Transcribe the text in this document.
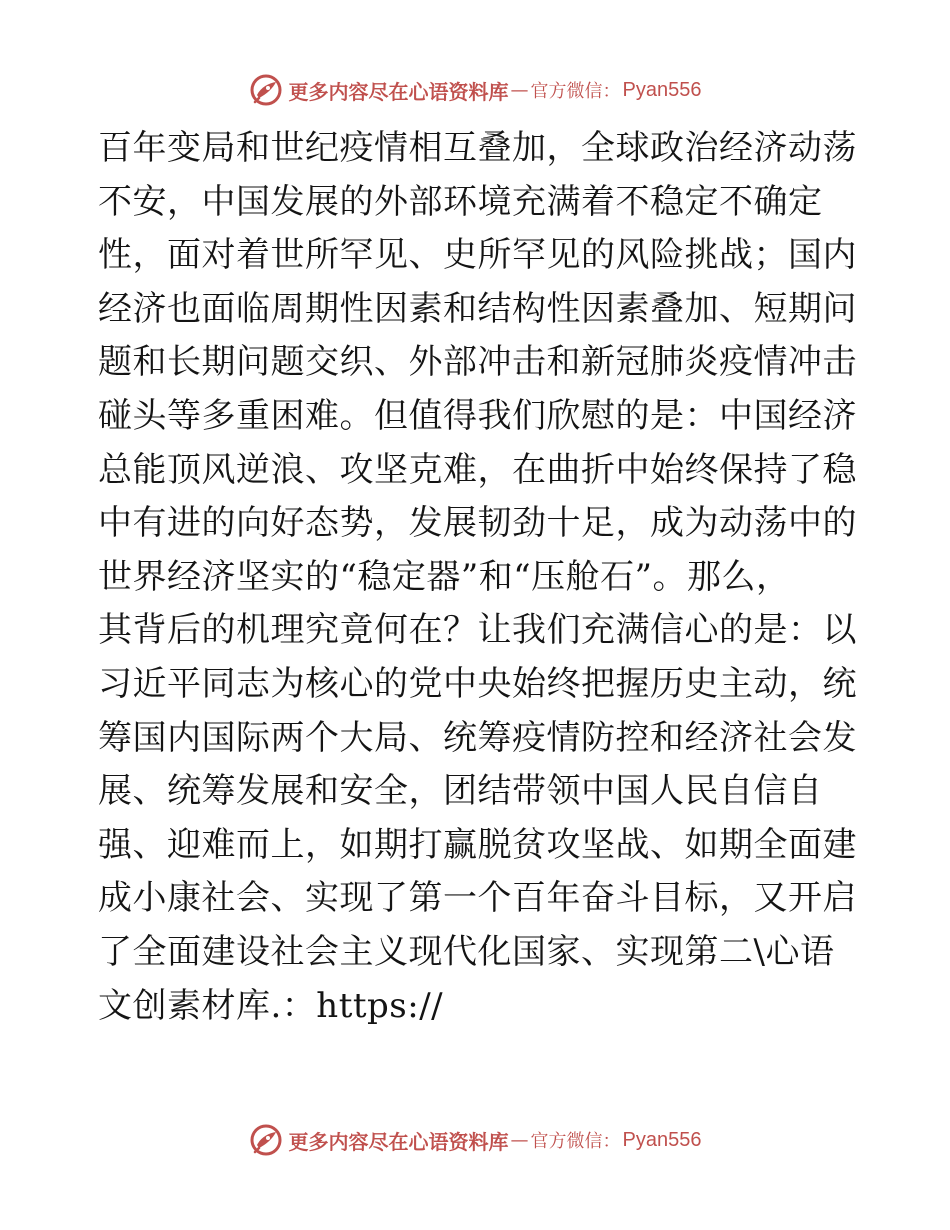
更多内容尽在心语资料库 — 官方微信： Pyan556
百年变局和世纪疫情相互叠加，全球政治经济动荡
不安，中国发展的外部环境充满着不稳定不确定
性，面对着世所罕见、史所罕见的风险挑战；国内
经济也面临周期性因素和结构性因素叠加、短期问
题和长期问题交织、外部冲击和新冠肺炎疫情冲击
碰头等多重困难。但值得我们欣慰的是：中国经济
总能顶风逆浪、攻坚克难，在曲折中始终保持了稳
中有进的向好态势，发展韧劲十足，成为动荡中的
世界经济坚实的“稳定器”和“压舱石”。那么，
其背后的机理究竟何在？让我们充满信心的是：以
习近平同志为核心的党中央始终把握历史主动，统
筹国内国际两个大局、统筹疫情防控和经济社会发
展、统筹发展和安全，团结带领中国人民自信自
强、迎难而上，如期打赢脱贫攻坚战、如期全面建
成小康社会、实现了第一个百年奋斗目标，又开启
了全面建设社会主义现代化国家、实现第二\心语
文创素材库.：https://
更多内容尽在心语资料库 — 官方微信： Pyan556
